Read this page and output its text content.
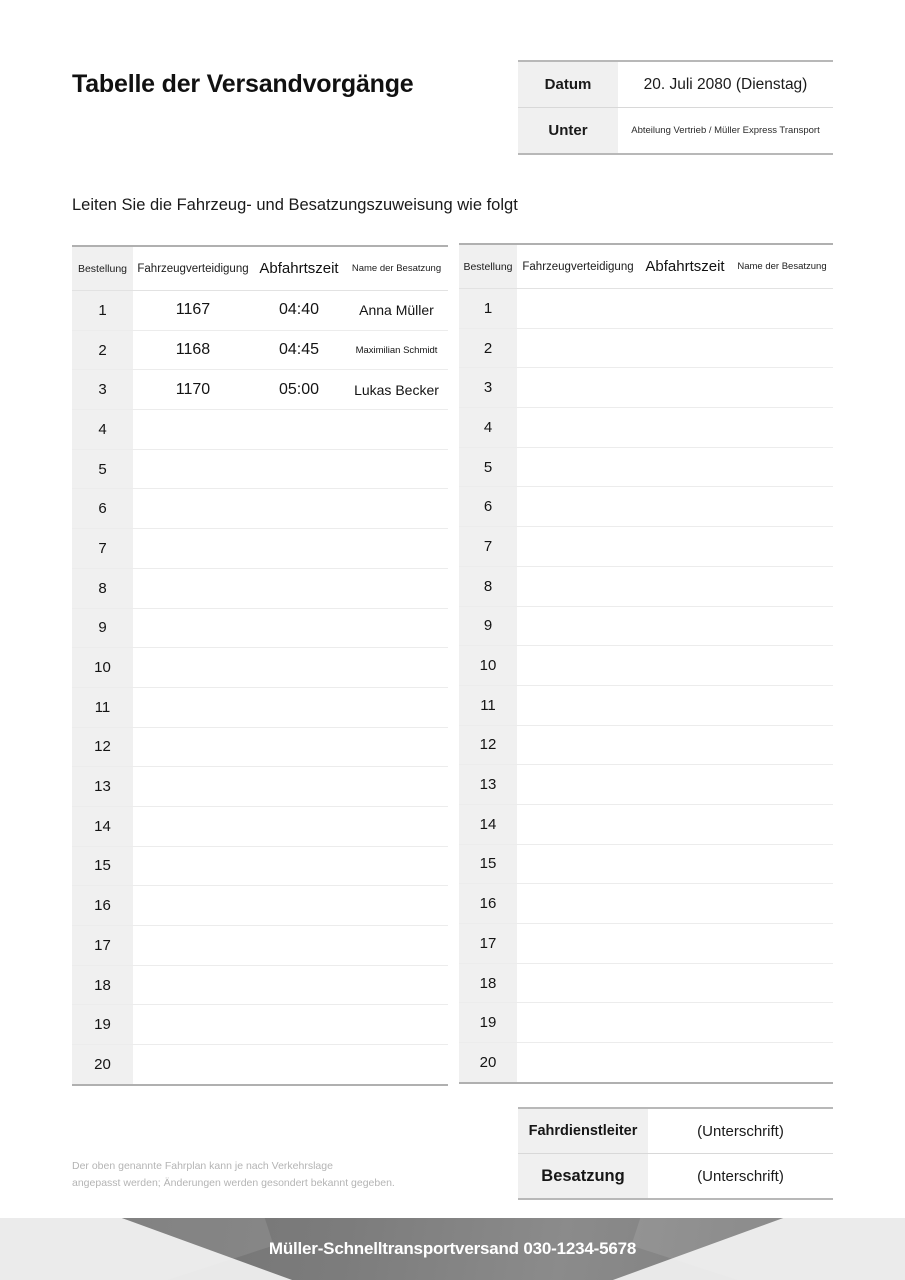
Tabelle der Versandvorgänge	Datum	20. Juli 2080 (Dienstag)
Unter	Abteilung Vertrieb / Müller Express Transport
Leiten Sie die Fahrzeug- und Besatzungszuweisung wie folgt
Bestellung	Fahrzeugverteidigung	Abfahrtszeit	Name der Besatzung
1	1167	04:40	Anna Müller
2	1168	04:45	Maximilian Schmidt
3	1170	05:00	Lukas Becker
4			
5			
6			
7			
8			
9			
10			
11			
12			
13			
14			
15			
16			
17			
18			
19			
20			
Bestellung	Fahrzeugverteidigung	Abfahrtszeit	Name der Besatzung
1			
2			
3			
4			
5			
6			
7			
8			
9			
10			
11			
12			
13			
14			
15			
16			
17			
18			
19			
20			
Fahrdienstleiter	(Unterschrift)
Besatzung	(Unterschrift)
Der oben genannte Fahrplan kann je nach Verkehrslage
angepasst werden; Änderungen werden gesondert bekannt gegeben.
Müller-Schnelltransportversand 030-1234-5678
